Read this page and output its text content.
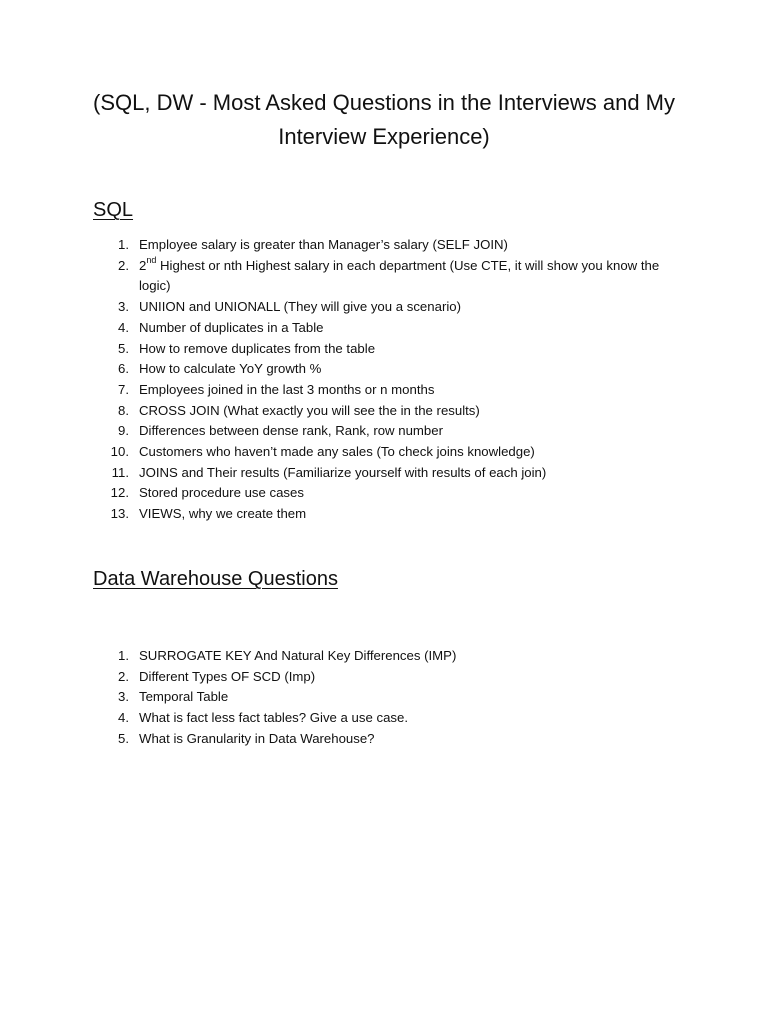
(SQL, DW - Most Asked Questions in the Interviews and My Interview Experience)
SQL
1. Employee salary is greater than Manager’s salary (SELF JOIN)
2. 2nd Highest or nth Highest salary in each department (Use CTE, it will show you know the logic)
3. UNIION and UNIONALL (They will give you a scenario)
4. Number of duplicates in a Table
5. How to remove duplicates from the table
6. How to calculate YoY growth %
7. Employees joined in the last 3 months or n months
8. CROSS JOIN (What exactly you will see the in the results)
9. Differences between dense rank, Rank, row number
10. Customers who haven’t made any sales (To check joins knowledge)
11. JOINS and Their results (Familiarize yourself with results of each join)
12. Stored procedure use cases
13. VIEWS, why we create them
Data Warehouse Questions
1. SURROGATE KEY And Natural Key Differences (IMP)
2. Different Types OF SCD (Imp)
3. Temporal Table
4. What is fact less fact tables? Give a use case.
5. What is Granularity in Data Warehouse?
